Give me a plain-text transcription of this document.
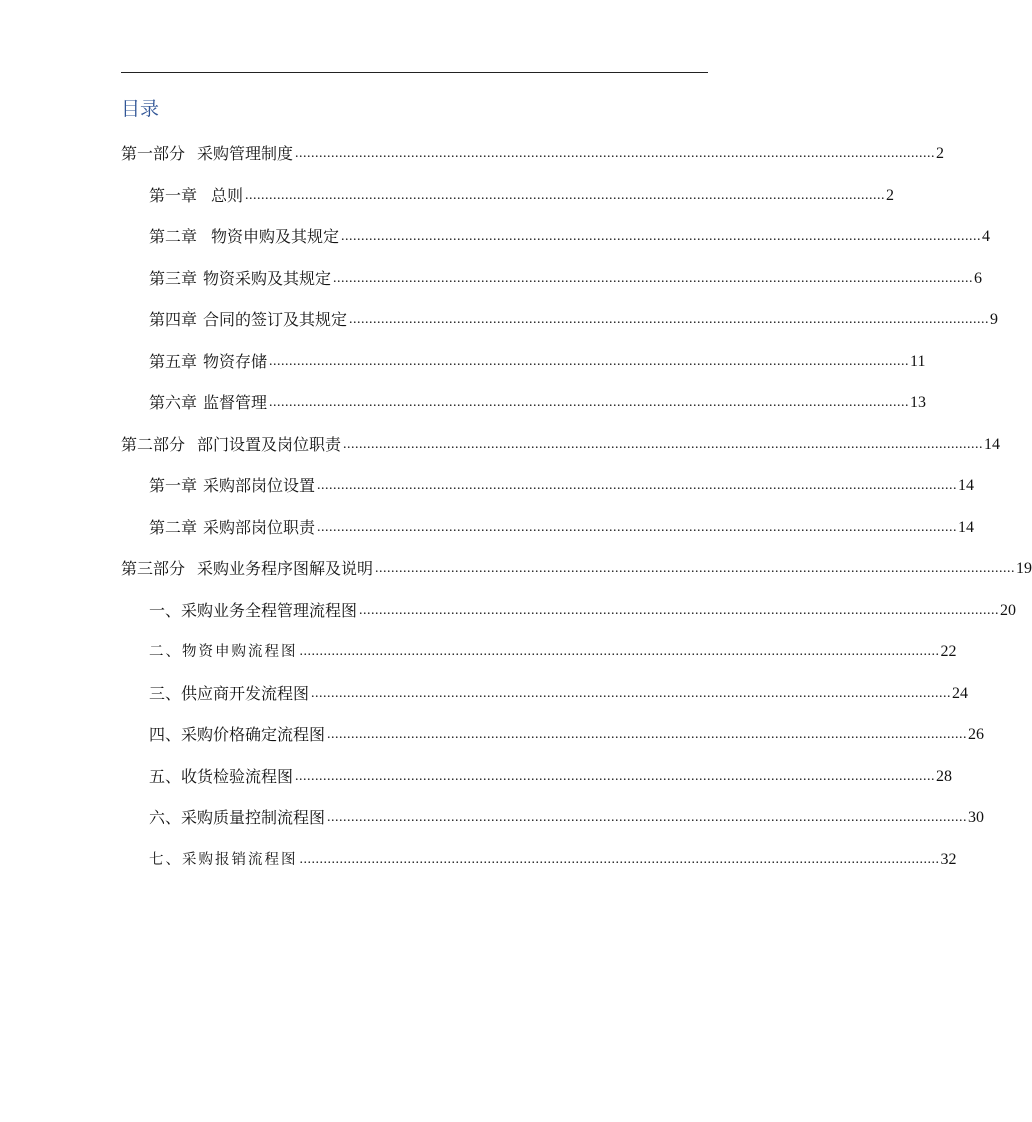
目录
第一部分 采购管理制度 ................................................................................................................................................................ 2
第一章 总则 ................................................................................................................................................................ 2
第二章 物资申购及其规定 ................................................................................................................................................................ 4
第三章 物资采购及其规定 ................................................................................................................................................................ 6
第四章 合同的签订及其规定 ................................................................................................................................................................ 9
第五章 物资存储 ................................................................................................................................................................ 11
第六章 监督管理 ................................................................................................................................................................ 13
第二部分 部门设置及岗位职责 ................................................................................................................................................................ 14
第一章 采购部岗位设置 ................................................................................................................................................................ 14
第二章 采购部岗位职责 ................................................................................................................................................................ 14
第三部分 采购业务程序图解及说明 ................................................................................................................................................................ 19
一、采购业务全程管理流程图 ................................................................................................................................................................ 20
二、物资申购流程图 ................................................................................................................................................................ 22
三、供应商开发流程图 ................................................................................................................................................................ 24
四、采购价格确定流程图 ................................................................................................................................................................ 26
五、收货检验流程图 ................................................................................................................................................................ 28
六、采购质量控制流程图 ................................................................................................................................................................ 30
七、采购报销流程图 ................................................................................................................................................................ 32
